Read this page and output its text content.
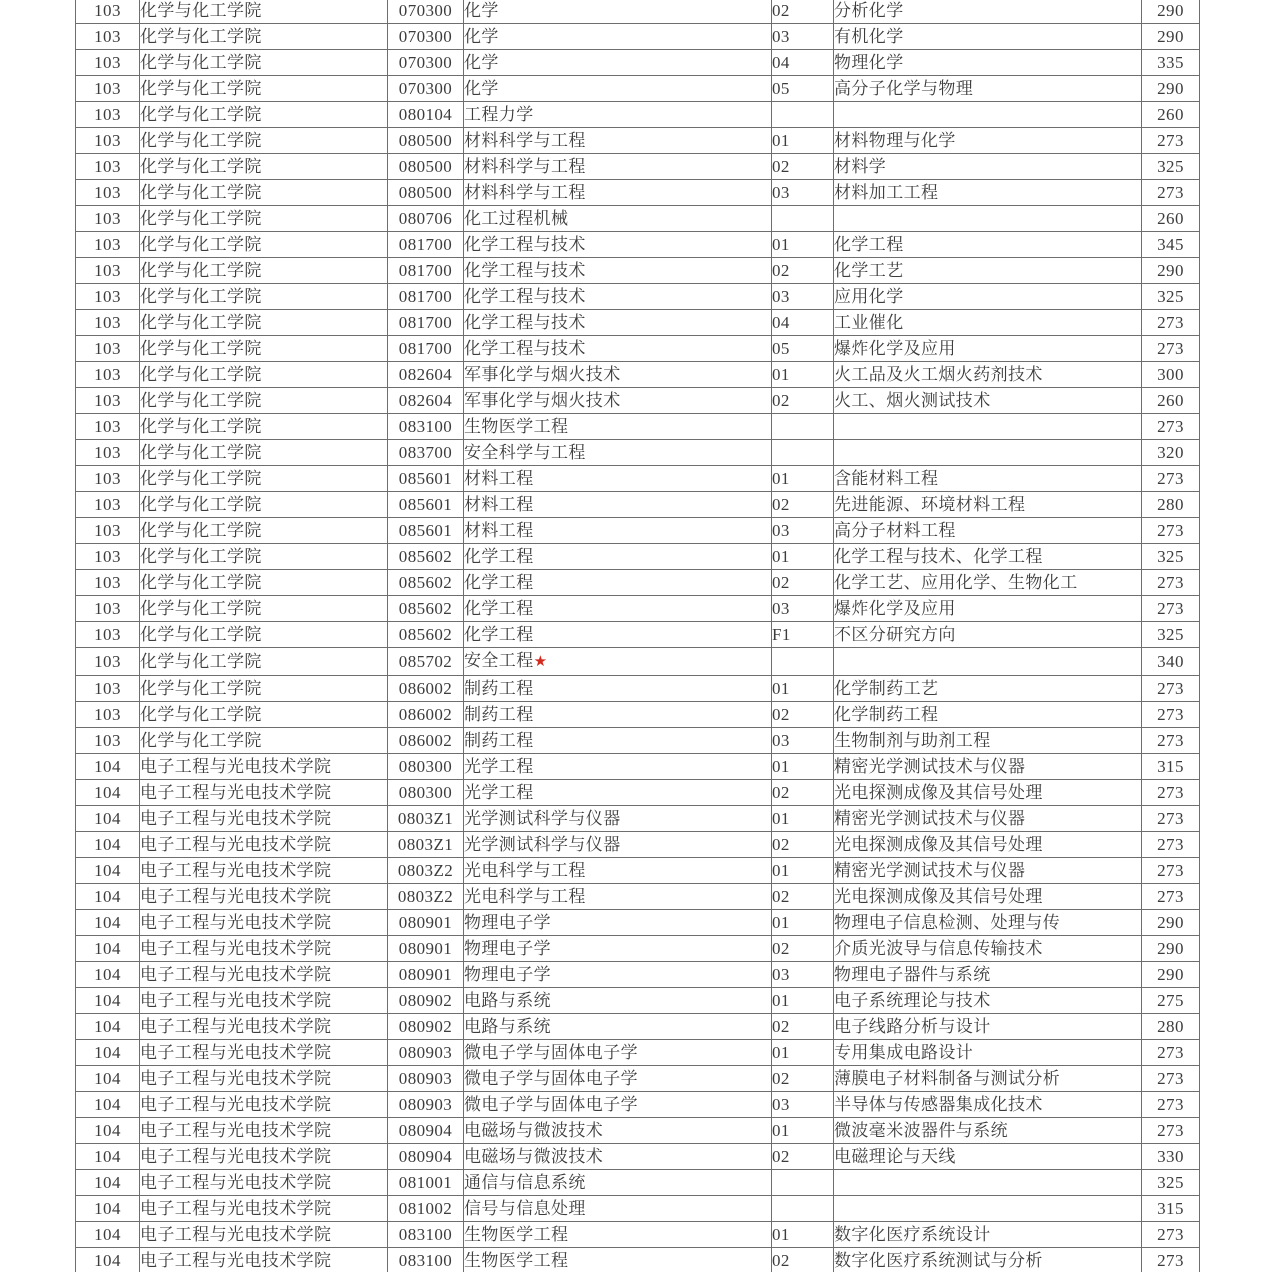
103	化学与化工学院	070300	化学	02	分析化学	290
103	化学与化工学院	070300	化学	03	有机化学	290
103	化学与化工学院	070300	化学	04	物理化学	335
103	化学与化工学院	070300	化学	05	高分子化学与物理	290
103	化学与化工学院	080104	工程力学			260
103	化学与化工学院	080500	材料科学与工程	01	材料物理与化学	273
103	化学与化工学院	080500	材料科学与工程	02	材料学	325
103	化学与化工学院	080500	材料科学与工程	03	材料加工工程	273
103	化学与化工学院	080706	化工过程机械			260
103	化学与化工学院	081700	化学工程与技术	01	化学工程	345
103	化学与化工学院	081700	化学工程与技术	02	化学工艺	290
103	化学与化工学院	081700	化学工程与技术	03	应用化学	325
103	化学与化工学院	081700	化学工程与技术	04	工业催化	273
103	化学与化工学院	081700	化学工程与技术	05	爆炸化学及应用	273
103	化学与化工学院	082604	军事化学与烟火技术	01	火工品及火工烟火药剂技术	300
103	化学与化工学院	082604	军事化学与烟火技术	02	火工、烟火测试技术	260
103	化学与化工学院	083100	生物医学工程			273
103	化学与化工学院	083700	安全科学与工程			320
103	化学与化工学院	085601	材料工程	01	含能材料工程	273
103	化学与化工学院	085601	材料工程	02	先进能源、环境材料工程	280
103	化学与化工学院	085601	材料工程	03	高分子材料工程	273
103	化学与化工学院	085602	化学工程	01	化学工程与技术、化学工程	325
103	化学与化工学院	085602	化学工程	02	化学工艺、应用化学、生物化工	273
103	化学与化工学院	085602	化学工程	03	爆炸化学及应用	273
103	化学与化工学院	085602	化学工程	F1	不区分研究方向	325
103	化学与化工学院	085702	安全工程★			340
103	化学与化工学院	086002	制药工程	01	化学制药工艺	273
103	化学与化工学院	086002	制药工程	02	化学制药工程	273
103	化学与化工学院	086002	制药工程	03	生物制剂与助剂工程	273
104	电子工程与光电技术学院	080300	光学工程	01	精密光学测试技术与仪器	315
104	电子工程与光电技术学院	080300	光学工程	02	光电探测成像及其信号处理	273
104	电子工程与光电技术学院	0803Z1	光学测试科学与仪器	01	精密光学测试技术与仪器	273
104	电子工程与光电技术学院	0803Z1	光学测试科学与仪器	02	光电探测成像及其信号处理	273
104	电子工程与光电技术学院	0803Z2	光电科学与工程	01	精密光学测试技术与仪器	273
104	电子工程与光电技术学院	0803Z2	光电科学与工程	02	光电探测成像及其信号处理	273
104	电子工程与光电技术学院	080901	物理电子学	01	物理电子信息检测、处理与传	290
104	电子工程与光电技术学院	080901	物理电子学	02	介质光波导与信息传输技术	290
104	电子工程与光电技术学院	080901	物理电子学	03	物理电子器件与系统	290
104	电子工程与光电技术学院	080902	电路与系统	01	电子系统理论与技术	275
104	电子工程与光电技术学院	080902	电路与系统	02	电子线路分析与设计	280
104	电子工程与光电技术学院	080903	微电子学与固体电子学	01	专用集成电路设计	273
104	电子工程与光电技术学院	080903	微电子学与固体电子学	02	薄膜电子材料制备与测试分析	273
104	电子工程与光电技术学院	080903	微电子学与固体电子学	03	半导体与传感器集成化技术	273
104	电子工程与光电技术学院	080904	电磁场与微波技术	01	微波毫米波器件与系统	273
104	电子工程与光电技术学院	080904	电磁场与微波技术	02	电磁理论与天线	330
104	电子工程与光电技术学院	081001	通信与信息系统			325
104	电子工程与光电技术学院	081002	信号与信息处理			315
104	电子工程与光电技术学院	083100	生物医学工程	01	数字化医疗系统设计	273
104	电子工程与光电技术学院	083100	生物医学工程	02	数字化医疗系统测试与分析	273
